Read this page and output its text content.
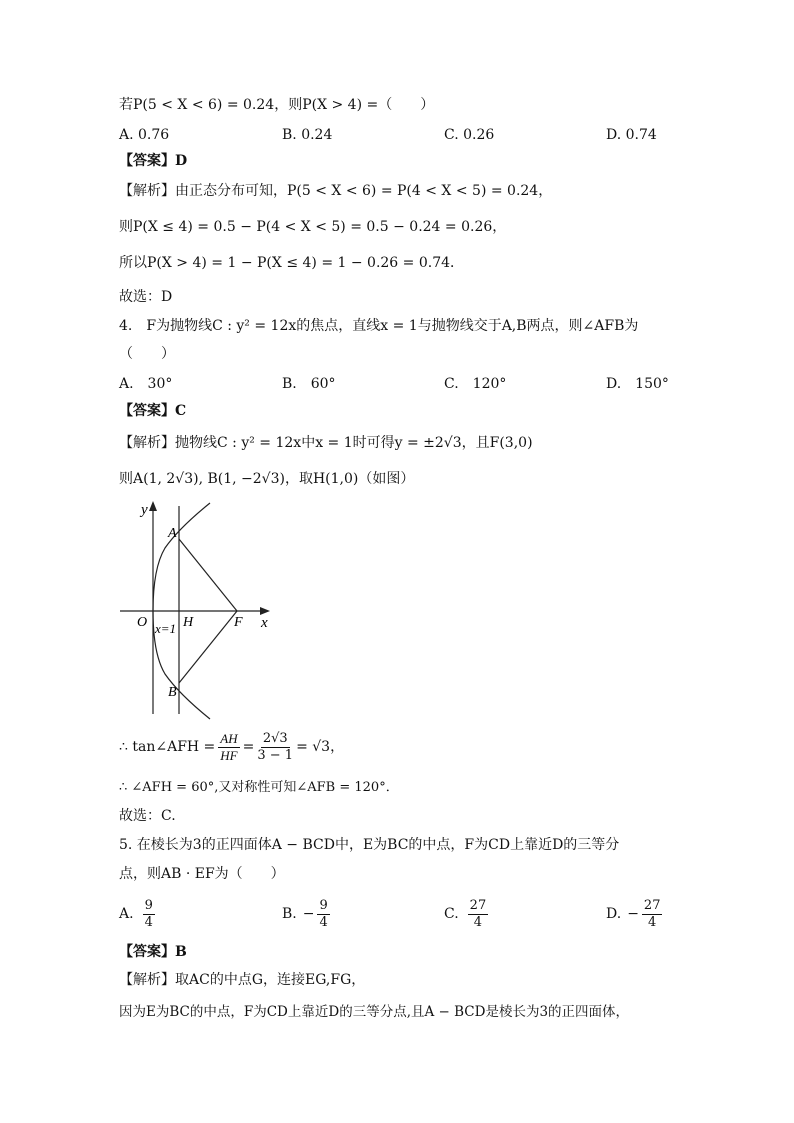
若P(5 < X < 6) = 0.24，则P(X > 4) =（　　）
A. 0.76	B. 0.24	C. 0.26	D. 0.74
【答案】D
【解析】由正态分布可知，P(5 < X < 6) = P(4 < X < 5) = 0.24，
则P(X ≤ 4) = 0.5 − P(4 < X < 5) = 0.5 − 0.24 = 0.26，
所以P(X > 4) = 1 − P(X ≤ 4) = 1 − 0.26 = 0.74．
故选：D
4.　F为抛物线C : y² = 12x的焦点，直线x = 1与抛物线交于A,B两点，则∠AFB为
（　　）
A.　30°	B.　60°	C.　120°	D.　150°
【答案】C
【解析】抛物线C : y² = 12x中x = 1时可得y = ±2√3，且F(3,0)
则A(1, 2√3), B(1, −2√3)，取H(1,0)（如图）
y
x
A
B
O	H	F
x=1
∴ tan∠AFH = $\frac{AH}{HF} = \frac{2√3}{3 - 1} = √3$，
∴ ∠AFH = 60°,又对称性可知∠AFB = 120°．
故选：C.
5. 在棱长为3的正四面体A − BCD中，E为BC的中点，F为CD上靠近D的三等分
点，则AB · EF为（　　）
A. $\frac{9}{4}$	B. − $\frac{9}{4}$	C. $\frac{27}{4}$	D. − $\frac{27}{4}$
【答案】B
【解析】取AC的中点G，连接EG,FG，
因为E为BC的中点，F为CD上靠近D的三等分点,且A − BCD是棱长为3的正四面体，
